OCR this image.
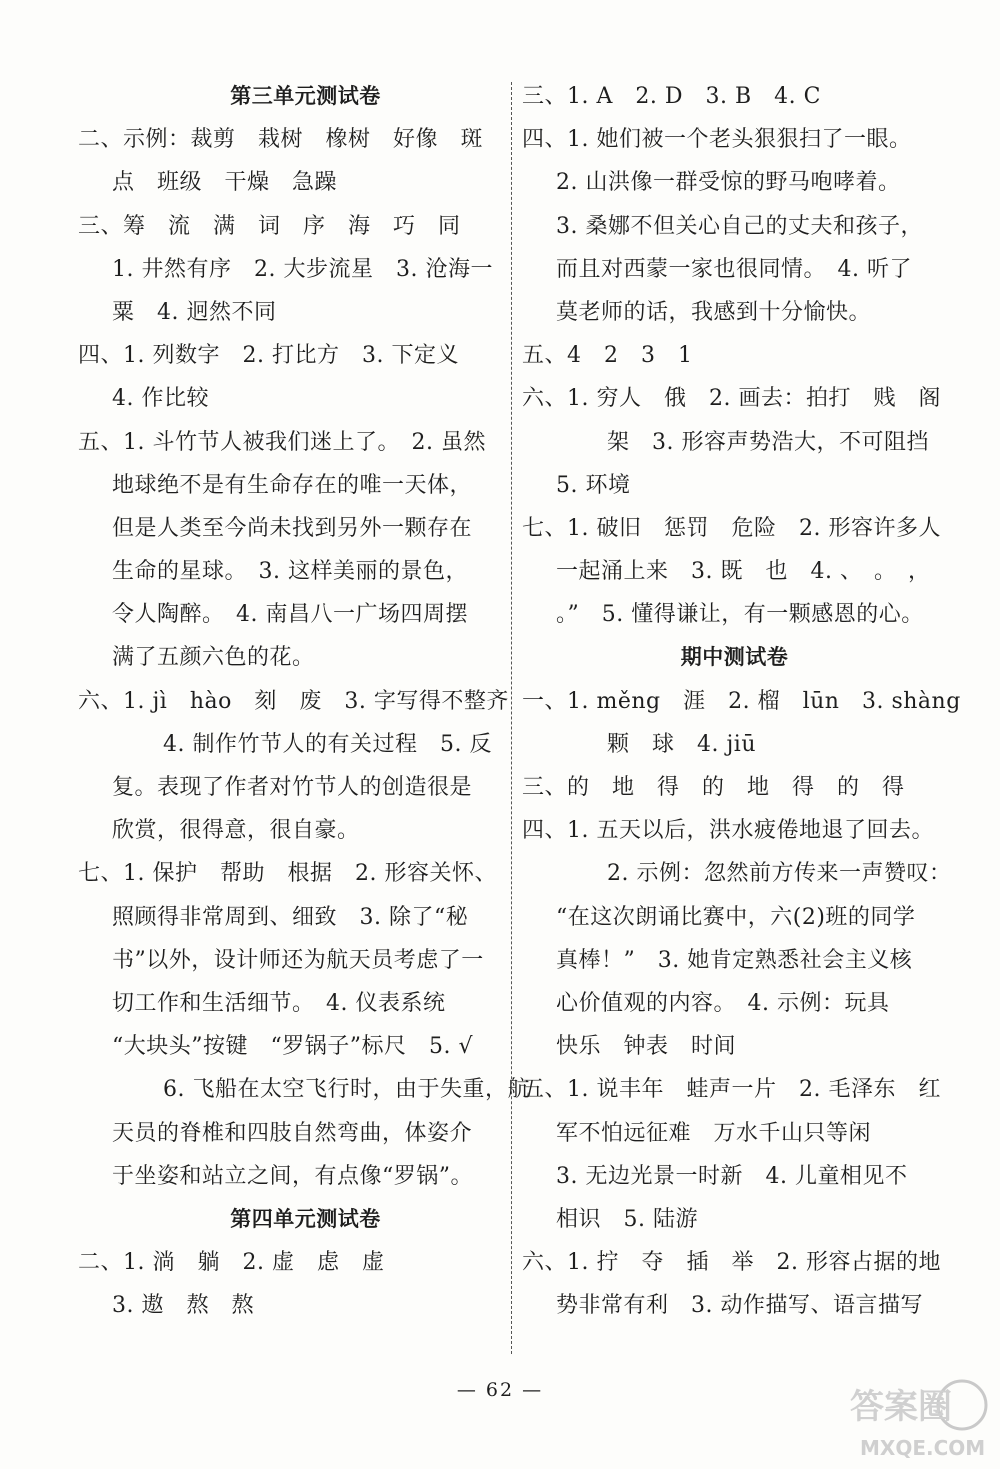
第三单元测试卷
二、示例：裁剪　栽树　橡树　好像　斑
点　班级　干燥　急躁
三、筹　流　满　词　序　海　巧　同
1. 井然有序　2. 大步流星　3. 沧海一
粟　4. 迥然不同
四、1. 列数字　2. 打比方　3. 下定义
4. 作比较
五、1. 斗竹节人被我们迷上了。　2. 虽然
地球绝不是有生命存在的唯一天体，
但是人类至今尚未找到另外一颗存在
生命的星球。　3. 这样美丽的景色，
令人陶醉。　4. 南昌八一广场四周摆
满了五颜六色的花。
六、1. jì　hào　刻　废　3. 字写得不整齐
4. 制作竹节人的有关过程　5. 反
复。表现了作者对竹节人的创造很是
欣赏，很得意，很自豪。
七、1. 保护　帮助　根据　2. 形容关怀、
照顾得非常周到、细致　3. 除了“秘
书”以外，设计师还为航天员考虑了一
切工作和生活细节。　4. 仪表系统
“大块头”按键　“罗锅子”标尺　5. √
6. 飞船在太空飞行时，由于失重，航
天员的脊椎和四肢自然弯曲，体姿介
于坐姿和站立之间，有点像“罗锅”。
第四单元测试卷
二、1. 淌　躺　2. 虚　虑　虚
3. 遨　熬　熬
三、1. A　2. D　3. B　4. C
四、1. 她们被一个老头狠狠扫了一眼。
2. 山洪像一群受惊的野马咆哮着。
3. 桑娜不但关心自己的丈夫和孩子，
而且对西蒙一家也很同情。　4. 听了
莫老师的话，我感到十分愉快。
五、4　2　3　1
六、1. 穷人　俄　2. 画去：拍打　贱　阁
架　3. 形容声势浩大，不可阻挡
5. 环境
七、1. 破旧　惩罚　危险　2. 形容许多人
一起涌上来　3. 既　也　4. 、　。　，
。”　5. 懂得谦让，有一颗感恩的心。
期中测试卷
一、1. měng　涯　2. 榴　lūn　3. shàng
颗　球　4. jiū
三、的　地　得　的　地　得　的　得
四、1. 五天以后，洪水疲倦地退了回去。
2. 示例：忽然前方传来一声赞叹：
“在这次朗诵比赛中，六(2)班的同学
真棒！”　3. 她肯定熟悉社会主义核
心价值观的内容。　4. 示例：玩具
快乐　钟表　时间
五、1. 说丰年　蛙声一片　2. 毛泽东　红
军不怕远征难　万水千山只等闲
3. 无边光景一时新　4. 儿童相见不
相识　5. 陆游
六、1. 拧　夺　插　举　2. 形容占据的地
势非常有利　3. 动作描写、语言描写
— 62 —	答案圈
MXQE.COM
